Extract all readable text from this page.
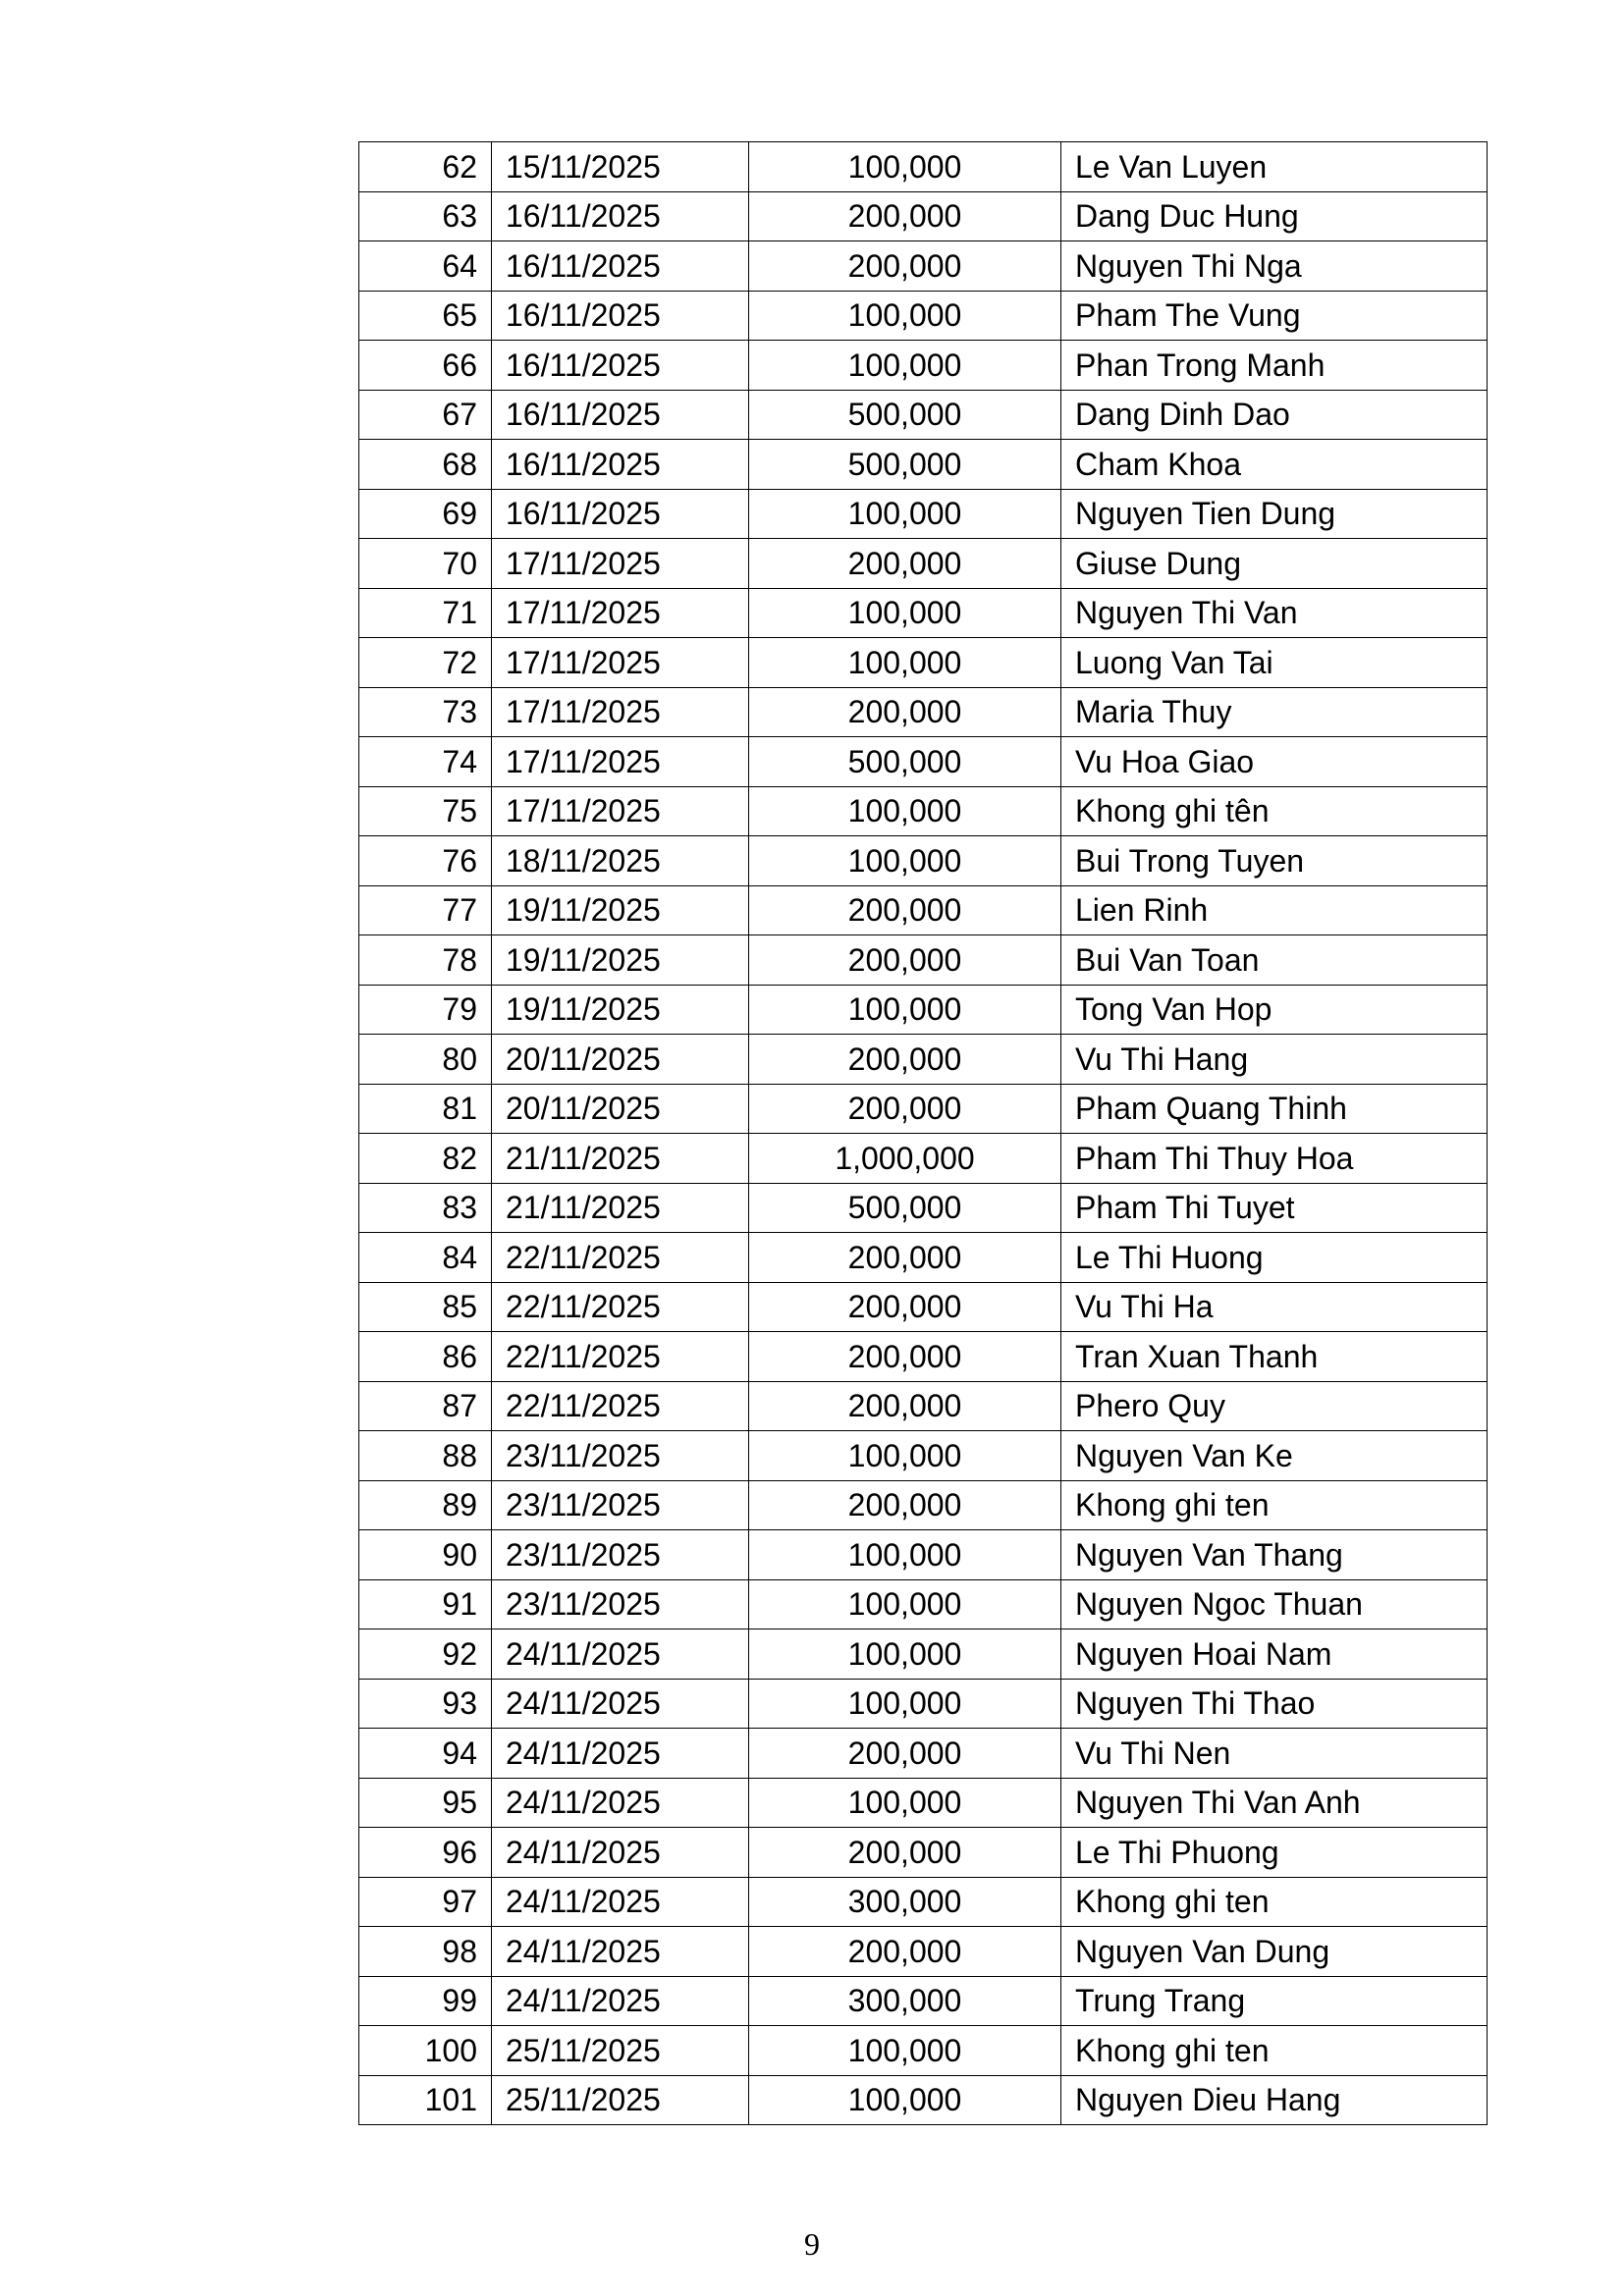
62	15/11/2025	100,000	Le Van Luyen
63	16/11/2025	200,000	Dang Duc Hung
64	16/11/2025	200,000	Nguyen Thi Nga
65	16/11/2025	100,000	Pham The Vung
66	16/11/2025	100,000	Phan Trong Manh
67	16/11/2025	500,000	Dang Dinh Dao
68	16/11/2025	500,000	Cham Khoa
69	16/11/2025	100,000	Nguyen Tien Dung
70	17/11/2025	200,000	Giuse Dung
71	17/11/2025	100,000	Nguyen Thi Van
72	17/11/2025	100,000	Luong Van Tai
73	17/11/2025	200,000	Maria Thuy
74	17/11/2025	500,000	Vu Hoa Giao
75	17/11/2025	100,000	Khong ghi tên
76	18/11/2025	100,000	Bui Trong Tuyen
77	19/11/2025	200,000	Lien Rinh
78	19/11/2025	200,000	Bui Van Toan
79	19/11/2025	100,000	Tong Van Hop
80	20/11/2025	200,000	Vu Thi Hang
81	20/11/2025	200,000	Pham Quang Thinh
82	21/11/2025	1,000,000	Pham Thi Thuy Hoa
83	21/11/2025	500,000	Pham Thi Tuyet
84	22/11/2025	200,000	Le Thi Huong
85	22/11/2025	200,000	Vu Thi Ha
86	22/11/2025	200,000	Tran Xuan Thanh
87	22/11/2025	200,000	Phero Quy
88	23/11/2025	100,000	Nguyen Van Ke
89	23/11/2025	200,000	Khong ghi ten
90	23/11/2025	100,000	Nguyen Van Thang
91	23/11/2025	100,000	Nguyen Ngoc Thuan
92	24/11/2025	100,000	Nguyen Hoai Nam
93	24/11/2025	100,000	Nguyen Thi Thao
94	24/11/2025	200,000	Vu Thi Nen
95	24/11/2025	100,000	Nguyen Thi Van Anh
96	24/11/2025	200,000	Le Thi Phuong
97	24/11/2025	300,000	Khong ghi ten
98	24/11/2025	200,000	Nguyen Van Dung
99	24/11/2025	300,000	Trung Trang
100	25/11/2025	100,000	Khong ghi ten
101	25/11/2025	100,000	Nguyen Dieu Hang
9
